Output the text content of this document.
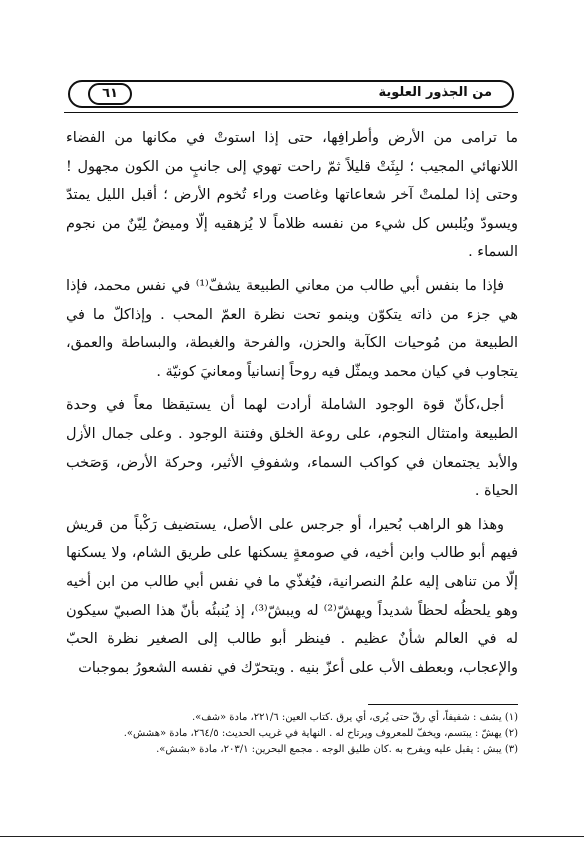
من الجذور العلوية
٦١

ما ترامى من الأرض وأطرافِها، حتى إذا استوتْ في مكانها من الفضاء اللانهائي المجيب ؛ لبِثَتْ قليلاً ثمّ راحت تهوي إلى جانبٍ من الكون مجهول ! وحتى إذا لملمتْ آخر شعاعاتها وغاصت وراء تُخوم الأرض ؛ أقبل الليل يمتدّ ويسودّ ويُلبس كل شيء من نفسه ظلاماً لا يُزهقيه إلّا وميضٌ لِيّنٌ من نجوم السماء .

فإذا ما بنفس أبي طالب من معاني الطبيعة يشفّ⁽¹⁾ في نفس محمد، فإذا هي جزء من ذاته يتكوّن وينمو تحت نظرة العمّ المحب . وإذاكلّ ما في الطبيعة من مُوحيات الكآبة والحزن، والفرحة والغبطة، والبساطة والعمق، يتجاوب في كيان محمد ويمثّل فيه روحاً إنسانياً ومعانيَ كونيّة .

أجل،كأنّ قوة الوجود الشاملة أرادت لهما أن يستيقظا معاً في وحدة الطبيعة وامتثال النجوم، على روعة الخلق وفتنة الوجود . وعلى جمال الأزل والأبد يجتمعان في كواكب السماء، وشفوفِ الأثير، وحركة الأرض، وَصَخب الحياة .

وهذا هو الراهب بُحيرا، أو جرجس على الأصل، يستضيف رَكْباً من قريش فيهم أبو طالب وابن أخيه، في صومعةٍ يسكنها على طريق الشام، ولا يسكنها إلّا من تناهى إليه علمُ النصرانية، فيُغذّي ما في نفس أبي طالب من ابن أخيه وهو يلحظُه لحظاً شديداً ويهشّ⁽²⁾ له ويبشّ⁽³⁾، إذ يُنبئُه بأنّ هذا الصبيّ سيكون له في العالم شأنٌ عظيم . فينظر أبو طالب إلى الصغير نظرة الحبّ والإعجاب، وبعطف الأب على أعزّ بنيه . ويتحرّك في نفسه الشعورُ بموجبات

(١) يشف : شفيفاً، أي رقّ حتى يُرى، أي يرق .كتاب العين: ٢٢١/٦، مادة «شف».
(٢) يهشّ : يبتسم، ويخفّ للمعروف ويرتاح له . النهاية في غريب الحديث: ٢٦٤/٥، مادة «هشش».
(٣) يبش : يقبل عليه ويفرح به .كان طليق الوجه . مجمع البحرين: ٢٠٣/١، مادة «بشش».
